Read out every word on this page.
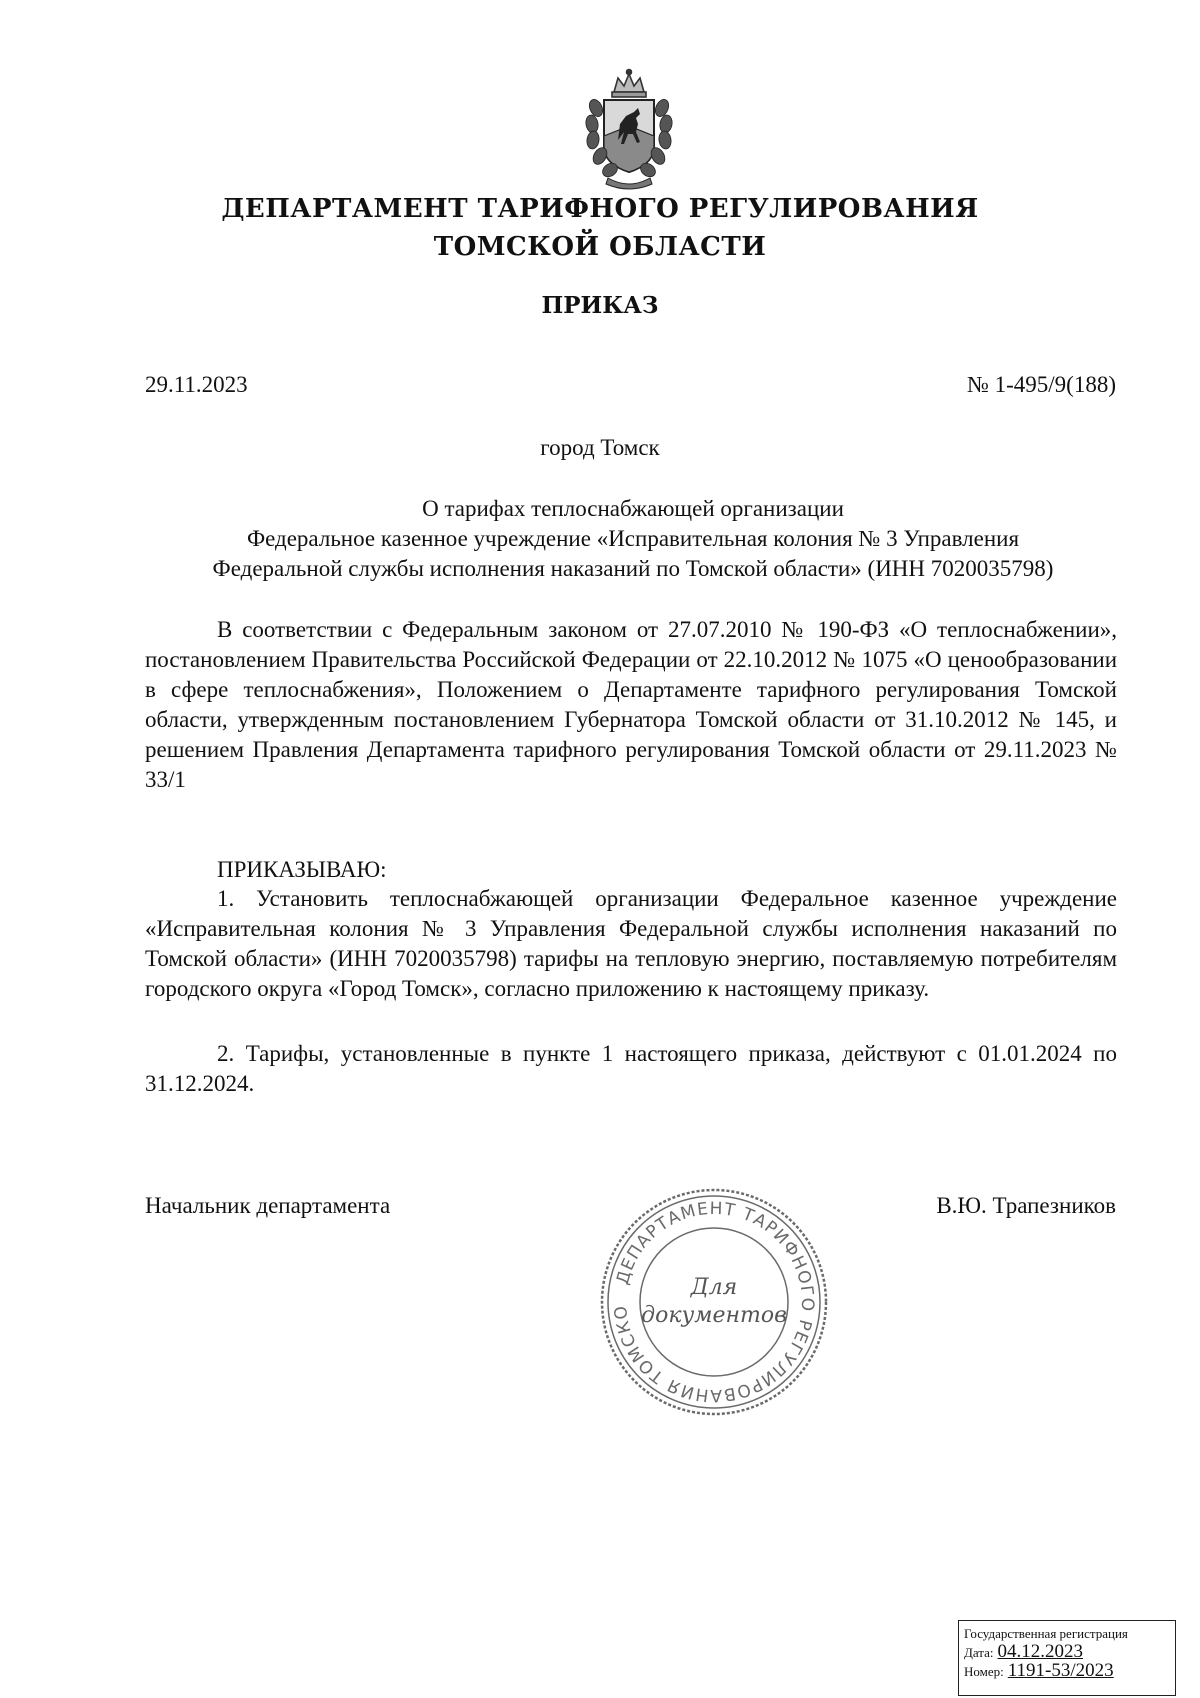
ДЕПАРТАМЕНТ ТАРИФНОГО РЕГУЛИРОВАНИЯ
ТОМСКОЙ ОБЛАСТИ
ПРИКАЗ
29.11.2023	№ 1-495/9(188)
город Томск
О тарифах теплоснабжающей организации
Федеральное казенное учреждение «Исправительная колония № 3 Управления
Федеральной службы исполнения наказаний по Томской области» (ИНН 7020035798)

В соответствии с Федеральным законом от 27.07.2010 № 190-ФЗ «О теплоснабжении», постановлением Правительства Российской Федерации от 22.10.2012 № 1075 «О ценообразовании в сфере теплоснабжения», Положением о Департаменте тарифного регулирования Томской области, утвержденным постановлением Губернатора Томской области от 31.10.2012 № 145, и решением Правления Департамента тарифного регулирования Томской области от 29.11.2023 № 33/1

ПРИКАЗЫВАЮ:

1. Установить теплоснабжающей организации Федеральное казенное учреждение «Исправительная колония № 3 Управления Федеральной службы исполнения наказаний по Томской области» (ИНН 7020035798) тарифы на тепловую энергию, поставляемую потребителям городского округа «Город Томск», согласно приложению к настоящему приказу.

2. Тарифы, установленные в пункте 1 настоящего приказа, действуют с 01.01.2024 по 31.12.2024.

Начальник департамента	В.Ю. Трапезников
ДЕПАРТАМЕНТ ТАРИФНОГО РЕГУЛИРОВАНИЯ ТОМСКО
Для
документов
Государственная регистрация
Дата: 04.12.2023
Номер: 1191-53/2023
